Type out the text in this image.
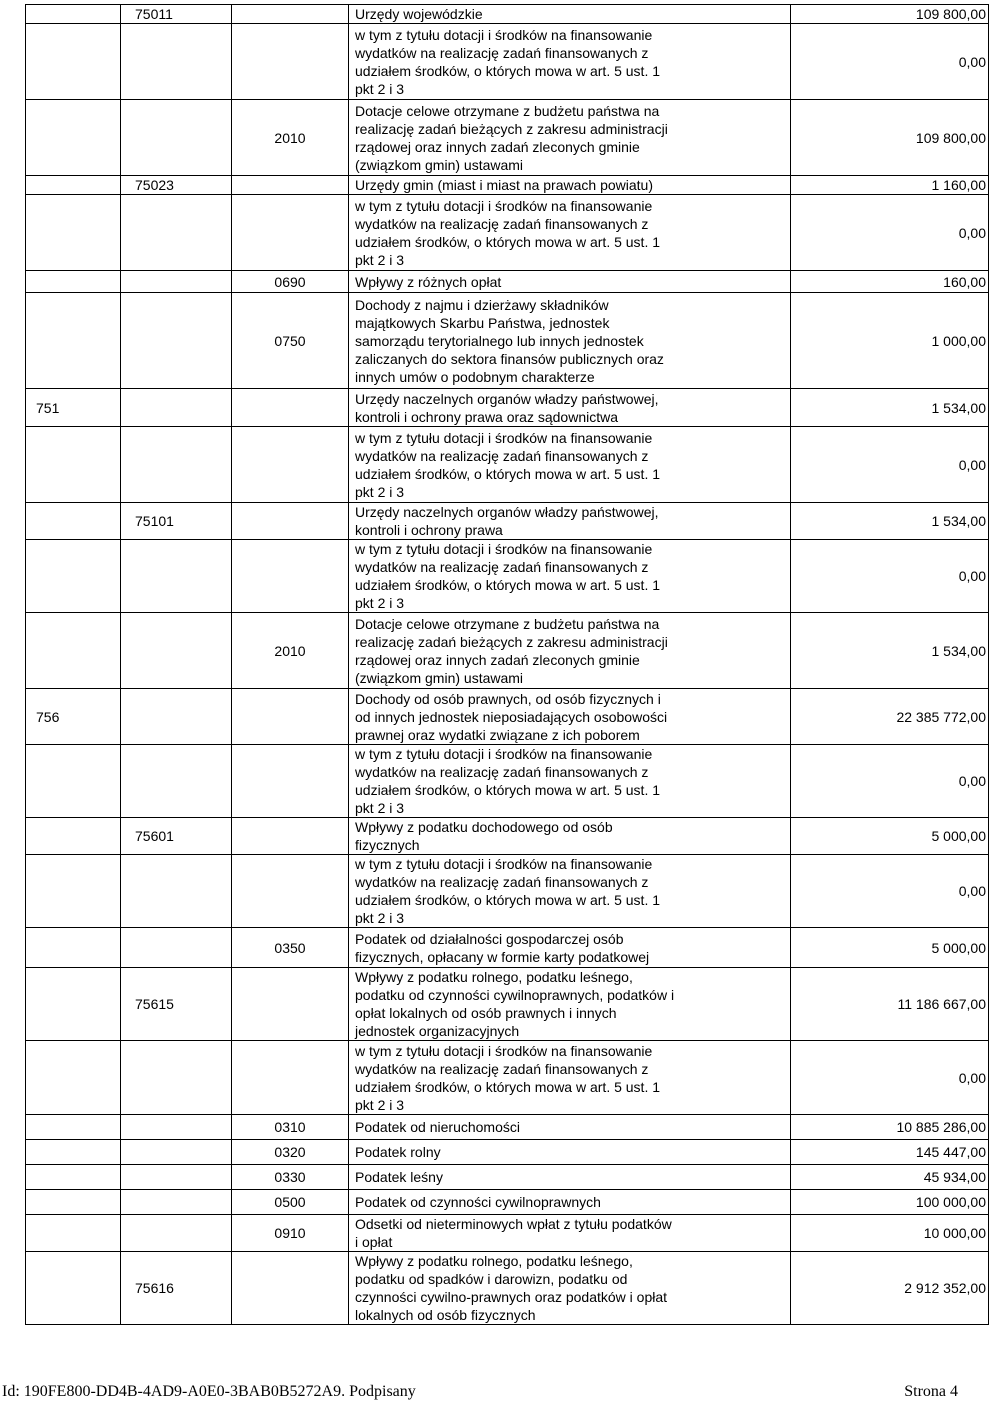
	75011		Urzędy wojewódzkie	109 800,00

			w tym z tytułu dotacji i środków na finansowanie
wydatków na realizację zadań finansowanych z
udziałem środków, o których mowa w art. 5 ust. 1
pkt 2 i 3	0,00

		2010	Dotacje celowe otrzymane z budżetu państwa na
realizację zadań bieżących z zakresu administracji
rządowej oraz innych zadań zleconych gminie
(związkom gmin) ustawami	109 800,00

	75023		Urzędy gmin (miast i miast na prawach powiatu)	1 160,00

			w tym z tytułu dotacji i środków na finansowanie
wydatków na realizację zadań finansowanych z
udziałem środków, o których mowa w art. 5 ust. 1
pkt 2 i 3	0,00

		0690	Wpływy z różnych opłat	160,00

		0750	Dochody z najmu i dzierżawy składników
majątkowych Skarbu Państwa, jednostek
samorządu terytorialnego lub innych jednostek
zaliczanych do sektora finansów publicznych oraz
innych umów o podobnym charakterze	1 000,00

751			Urzędy naczelnych organów władzy państwowej,
kontroli i ochrony prawa oraz sądownictwa	1 534,00

			w tym z tytułu dotacji i środków na finansowanie
wydatków na realizację zadań finansowanych z
udziałem środków, o których mowa w art. 5 ust. 1
pkt 2 i 3	0,00

	75101		Urzędy naczelnych organów władzy państwowej,
kontroli i ochrony prawa	1 534,00

			w tym z tytułu dotacji i środków na finansowanie
wydatków na realizację zadań finansowanych z
udziałem środków, o których mowa w art. 5 ust. 1
pkt 2 i 3	0,00

		2010	Dotacje celowe otrzymane z budżetu państwa na
realizację zadań bieżących z zakresu administracji
rządowej oraz innych zadań zleconych gminie
(związkom gmin) ustawami	1 534,00

756			Dochody od osób prawnych, od osób fizycznych i
od innych jednostek nieposiadających osobowości
prawnej oraz wydatki związane z ich poborem	22 385 772,00

			w tym z tytułu dotacji i środków na finansowanie
wydatków na realizację zadań finansowanych z
udziałem środków, o których mowa w art. 5 ust. 1
pkt 2 i 3	0,00

	75601		Wpływy z podatku dochodowego od osób
fizycznych	5 000,00

			w tym z tytułu dotacji i środków na finansowanie
wydatków na realizację zadań finansowanych z
udziałem środków, o których mowa w art. 5 ust. 1
pkt 2 i 3	0,00

		0350	Podatek od działalności gospodarczej osób
fizycznych, opłacany w formie karty podatkowej	5 000,00

	75615		Wpływy z podatku rolnego, podatku leśnego,
podatku od czynności cywilnoprawnych, podatków i
opłat lokalnych od osób prawnych i innych
jednostek organizacyjnych	11 186 667,00

			w tym z tytułu dotacji i środków na finansowanie
wydatków na realizację zadań finansowanych z
udziałem środków, o których mowa w art. 5 ust. 1
pkt 2 i 3	0,00

		0310	Podatek od nieruchomości	10 885 286,00

		0320	Podatek rolny	145 447,00

		0330	Podatek leśny	45 934,00

		0500	Podatek od czynności cywilnoprawnych	100 000,00

		0910	Odsetki od nieterminowych wpłat z tytułu podatków
i opłat	10 000,00

	75616		Wpływy z podatku rolnego, podatku leśnego,
podatku od spadków i darowizn, podatku od
czynności cywilno-prawnych oraz podatków i opłat
lokalnych od osób fizycznych	2 912 352,00
Id: 190FE800-DD4B-4AD9-A0E0-3BAB0B5272A9. Podpisany	Strona 4
